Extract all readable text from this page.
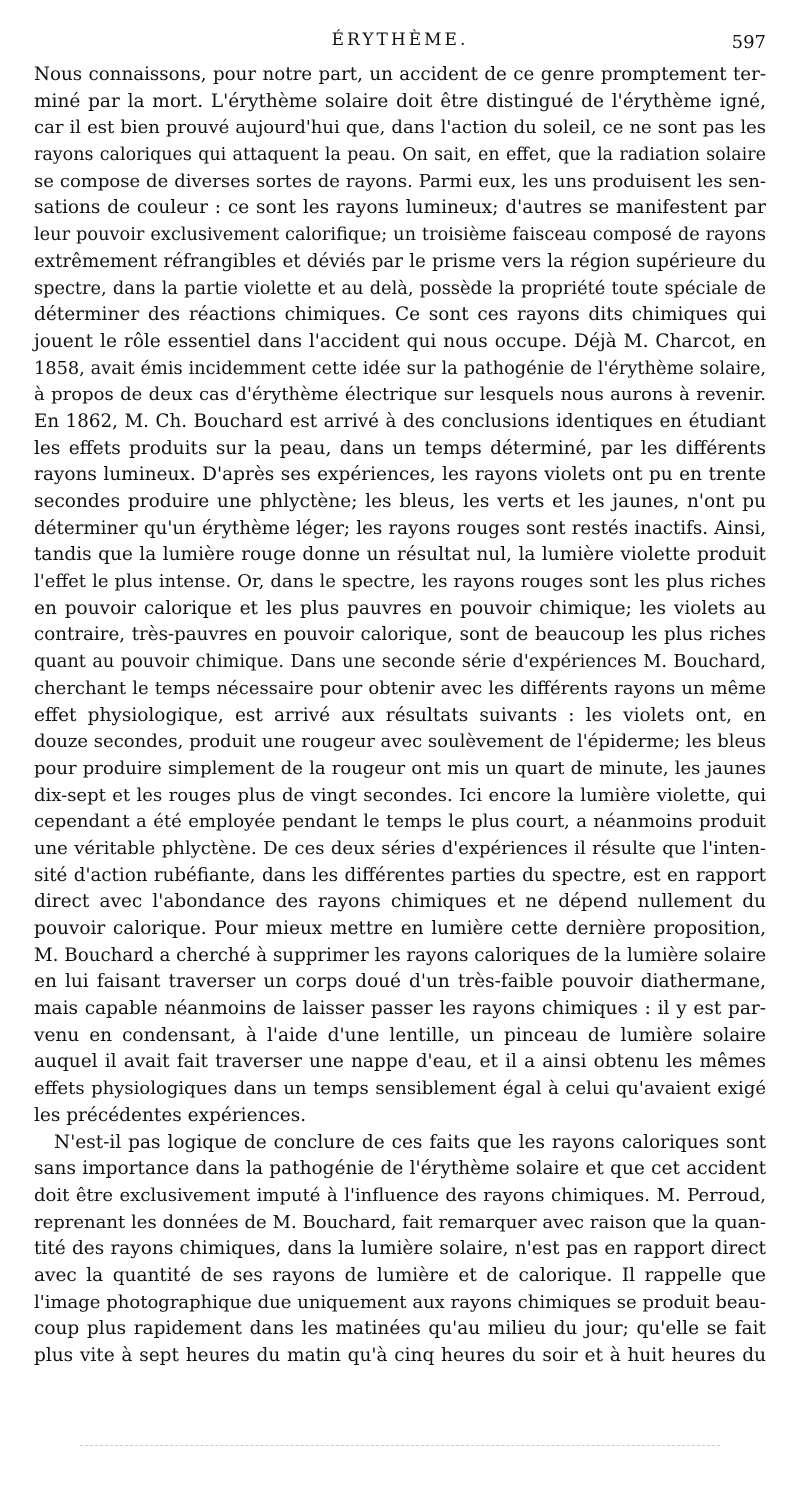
ÉRYTHÈME.	597
Nous connaissons, pour notre part, un accident de ce genre promptement ter-
miné par la mort. L'érythème solaire doit être distingué de l'érythème igné,
car il est bien prouvé aujourd'hui que, dans l'action du soleil, ce ne sont pas les
rayons caloriques qui attaquent la peau. On sait, en effet, que la radiation solaire
se compose de diverses sortes de rayons. Parmi eux, les uns produisent les sen-
sations de couleur : ce sont les rayons lumineux; d'autres se manifestent par
leur pouvoir exclusivement calorifique; un troisième faisceau composé de rayons
extrêmement réfrangibles et déviés par le prisme vers la région supérieure du
spectre, dans la partie violette et au delà, possède la propriété toute spéciale de
déterminer des réactions chimiques. Ce sont ces rayons dits chimiques qui
jouent le rôle essentiel dans l'accident qui nous occupe. Déjà M. Charcot, en
1858, avait émis incidemment cette idée sur la pathogénie de l'érythème solaire,
à propos de deux cas d'érythème électrique sur lesquels nous aurons à revenir.
En 1862, M. Ch. Bouchard est arrivé à des conclusions identiques en étudiant
les effets produits sur la peau, dans un temps déterminé, par les différents
rayons lumineux. D'après ses expériences, les rayons violets ont pu en trente
secondes produire une phlyctène; les bleus, les verts et les jaunes, n'ont pu
déterminer qu'un érythème léger; les rayons rouges sont restés inactifs. Ainsi,
tandis que la lumière rouge donne un résultat nul, la lumière violette produit
l'effet le plus intense. Or, dans le spectre, les rayons rouges sont les plus riches
en pouvoir calorique et les plus pauvres en pouvoir chimique; les violets au
contraire, très-pauvres en pouvoir calorique, sont de beaucoup les plus riches
quant au pouvoir chimique. Dans une seconde série d'expériences M. Bouchard,
cherchant le temps nécessaire pour obtenir avec les différents rayons un même
effet physiologique, est arrivé aux résultats suivants : les violets ont, en
douze secondes, produit une rougeur avec soulèvement de l'épiderme; les bleus
pour produire simplement de la rougeur ont mis un quart de minute, les jaunes
dix-sept et les rouges plus de vingt secondes. Ici encore la lumière violette, qui
cependant a été employée pendant le temps le plus court, a néanmoins produit
une véritable phlyctène. De ces deux séries d'expériences il résulte que l'inten-
sité d'action rubéfiante, dans les différentes parties du spectre, est en rapport
direct avec l'abondance des rayons chimiques et ne dépend nullement du
pouvoir calorique. Pour mieux mettre en lumière cette dernière proposition,
M. Bouchard a cherché à supprimer les rayons caloriques de la lumière solaire
en lui faisant traverser un corps doué d'un très-faible pouvoir diathermane,
mais capable néanmoins de laisser passer les rayons chimiques : il y est par-
venu en condensant, à l'aide d'une lentille, un pinceau de lumière solaire
auquel il avait fait traverser une nappe d'eau, et il a ainsi obtenu les mêmes
effets physiologiques dans un temps sensiblement égal à celui qu'avaient exigé
les précédentes expériences.
N'est-il pas logique de conclure de ces faits que les rayons caloriques sont
sans importance dans la pathogénie de l'érythème solaire et que cet accident
doit être exclusivement imputé à l'influence des rayons chimiques. M. Perroud,
reprenant les données de M. Bouchard, fait remarquer avec raison que la quan-
tité des rayons chimiques, dans la lumière solaire, n'est pas en rapport direct
avec la quantité de ses rayons de lumière et de calorique. Il rappelle que
l'image photographique due uniquement aux rayons chimiques se produit beau-
coup plus rapidement dans les matinées qu'au milieu du jour; qu'elle se fait
plus vite à sept heures du matin qu'à cinq heures du soir et à huit heures du
